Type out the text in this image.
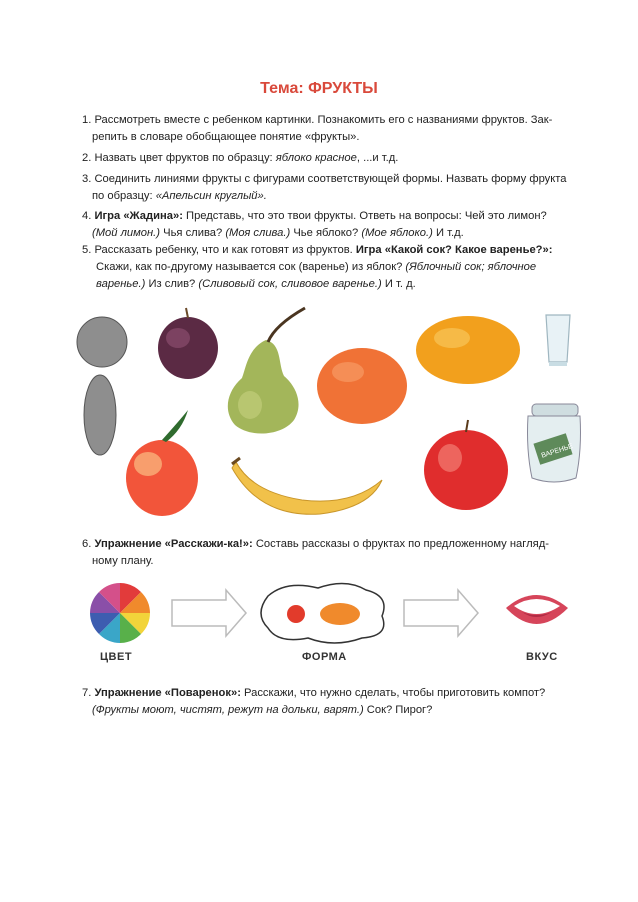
Тема: ФРУКТЫ
1. Рассмотреть вместе с ребенком картинки. Познакомить его с названиями фруктов. Зак-
репить в словаре обобщающее понятие «фрукты».
2. Назвать цвет фруктов по образцу: яблоко красное, ...и т.д.
3. Соединить линиями фрукты с фигурами соответствующей формы. Назвать форму фрукта
по образцу: «Апельсин круглый».
4. Игра «Жадина»: Представь, что это твои фрукты. Ответь на вопросы: Чей это лимон?
(Мой лимон.) Чья слива? (Моя слива.) Чье яблоко? (Мое яблоко.) И т.д.
5. Рассказать ребенку, что и как готовят из фруктов. Игра «Какой сок? Какое варенье?»:
Скажи, как по-другому называется сок (варенье) из яблок? (Яблочный сок; яблочное
варенье.) Из слив? (Сливовый сок, сливовое варенье.) И т. д.
ВАРЕНЬЕ
6. Упражнение «Расскажи-ка!»: Составь рассказы о фруктах по предложенному нагляд-
ному плану.
ЦВЕТ	ФОРМА	ВКУС
7. Упражнение «Поваренок»: Расскажи, что нужно сделать, чтобы приготовить компот?
(Фрукты моют, чистят, режут на дольки, варят.) Сок? Пирог?
